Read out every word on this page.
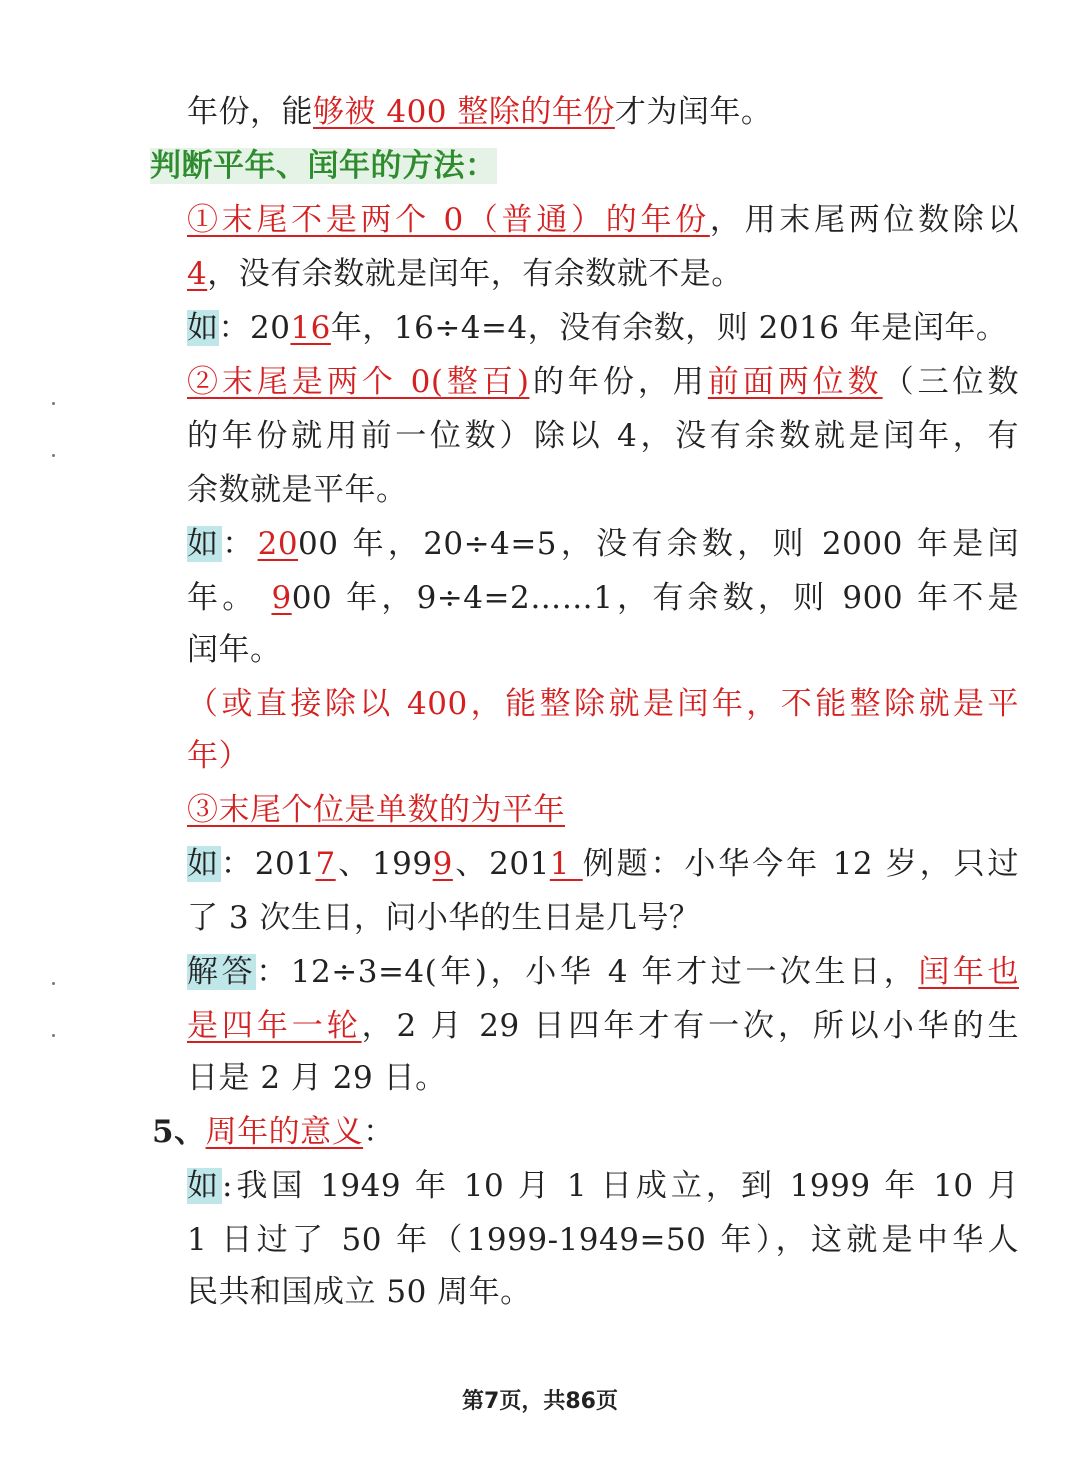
年份，能够被 400 整除的年份才为闰年。
判断平年、闰年的方法：
①末尾不是两个 0（普通）的年份，用末尾两位数除以
4，没有余数就是闰年，有余数就不是。
如：2016年，16÷4=4，没有余数，则 2016 年是闰年。
②末尾是两个 0(整百)的年份，用前面两位数（三位数
的年份就用前一位数）除以 4，没有余数就是闰年，有
余数就是平年。
如：2000 年，20÷4=5，没有余数，则 2000 年是闰
年。 900 年，9÷4=2……1，有余数，则 900 年不是
闰年。
（或直接除以 400，能整除就是闰年，不能整除就是平
年）
③末尾个位是单数的为平年
如：2017、1999、2011 例题：小华今年 12 岁，只过
了 3 次生日，问小华的生日是几号？
解答：12÷3=4(年)，小华 4 年才过一次生日，闰年也
是四年一轮，2 月 29 日四年才有一次，所以小华的生
日是 2 月 29 日。
5、周年的意义：
如:我国 1949 年 10 月 1 日成立，到 1999 年 10 月
1 日过了 50 年（1999-1949=50 年），这就是中华人
民共和国成立 50 周年。
第7页，共86页
